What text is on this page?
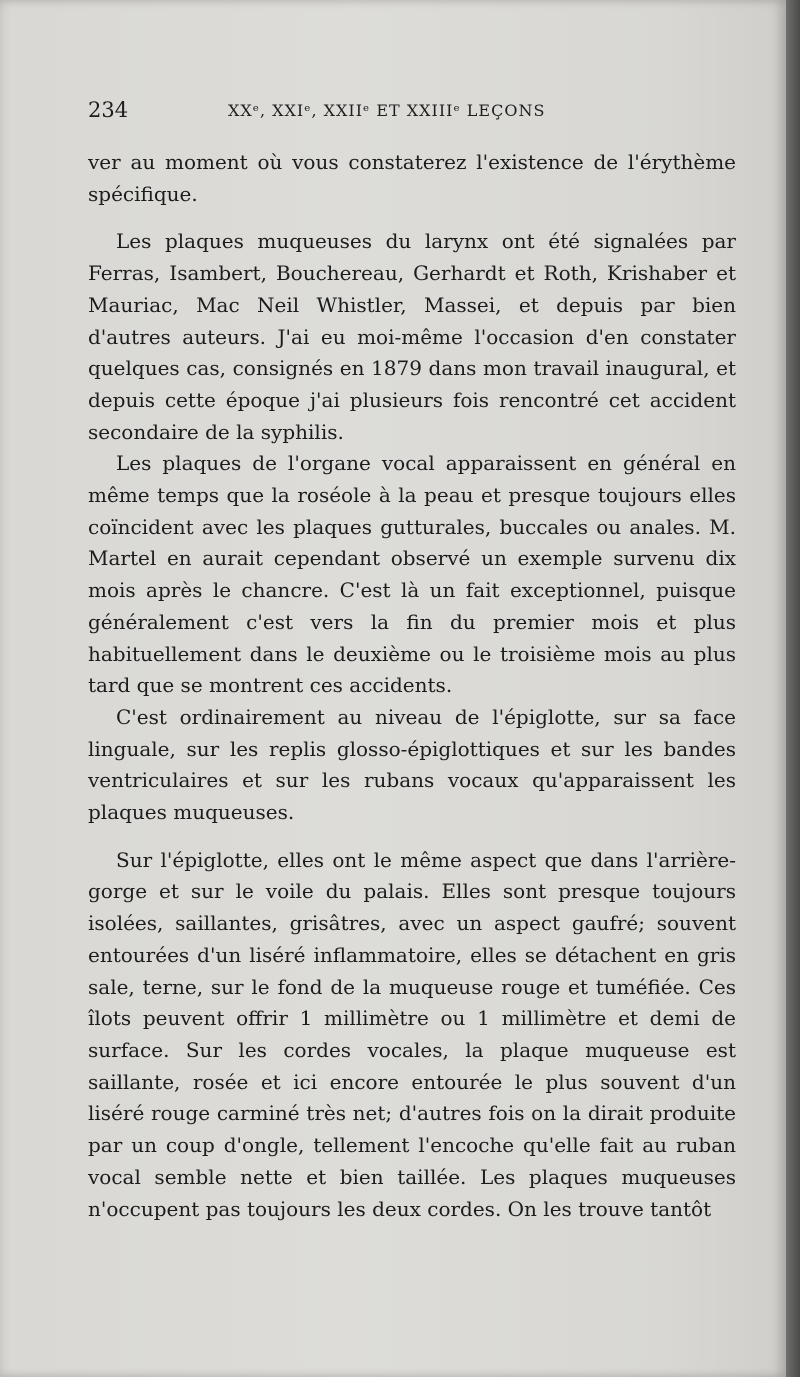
234	XXᵉ, XXIᵉ, XXIIᵉ ET XXIIIᵉ LEÇONS

ver au moment où vous constaterez l'existence de l'érythème spécifique.

Les plaques muqueuses du larynx ont été signalées par Ferras, Isambert, Bouchereau, Gerhardt et Roth, Krishaber et Mauriac, Mac Neil Whistler, Massei, et depuis par bien d'autres auteurs. J'ai eu moi-même l'occasion d'en constater quelques cas, consignés en 1879 dans mon travail inaugural, et depuis cette époque j'ai plusieurs fois rencontré cet accident secondaire de la syphilis.

Les plaques de l'organe vocal apparaissent en général en même temps que la roséole à la peau et presque toujours elles coïncident avec les plaques gutturales, buccales ou anales. M. Martel en aurait cependant observé un exemple survenu dix mois après le chancre. C'est là un fait exceptionnel, puisque généralement c'est vers la fin du premier mois et plus habituellement dans le deuxième ou le troisième mois au plus tard que se montrent ces accidents.

C'est ordinairement au niveau de l'épiglotte, sur sa face linguale, sur les replis glosso-épiglottiques et sur les bandes ventriculaires et sur les rubans vocaux qu'apparaissent les plaques muqueuses.

Sur l'épiglotte, elles ont le même aspect que dans l'arrière-gorge et sur le voile du palais. Elles sont presque toujours isolées, saillantes, grisâtres, avec un aspect gaufré; souvent entourées d'un liséré inflammatoire, elles se détachent en gris sale, terne, sur le fond de la muqueuse rouge et tuméfiée. Ces îlots peuvent offrir 1 millimètre ou 1 millimètre et demi de surface. Sur les cordes vocales, la plaque muqueuse est saillante, rosée et ici encore entourée le plus souvent d'un liséré rouge carminé très net; d'autres fois on la dirait produite par un coup d'ongle, tellement l'encoche qu'elle fait au ruban vocal semble nette et bien taillée. Les plaques muqueuses n'occupent pas toujours les deux cordes. On les trouve tantôt
